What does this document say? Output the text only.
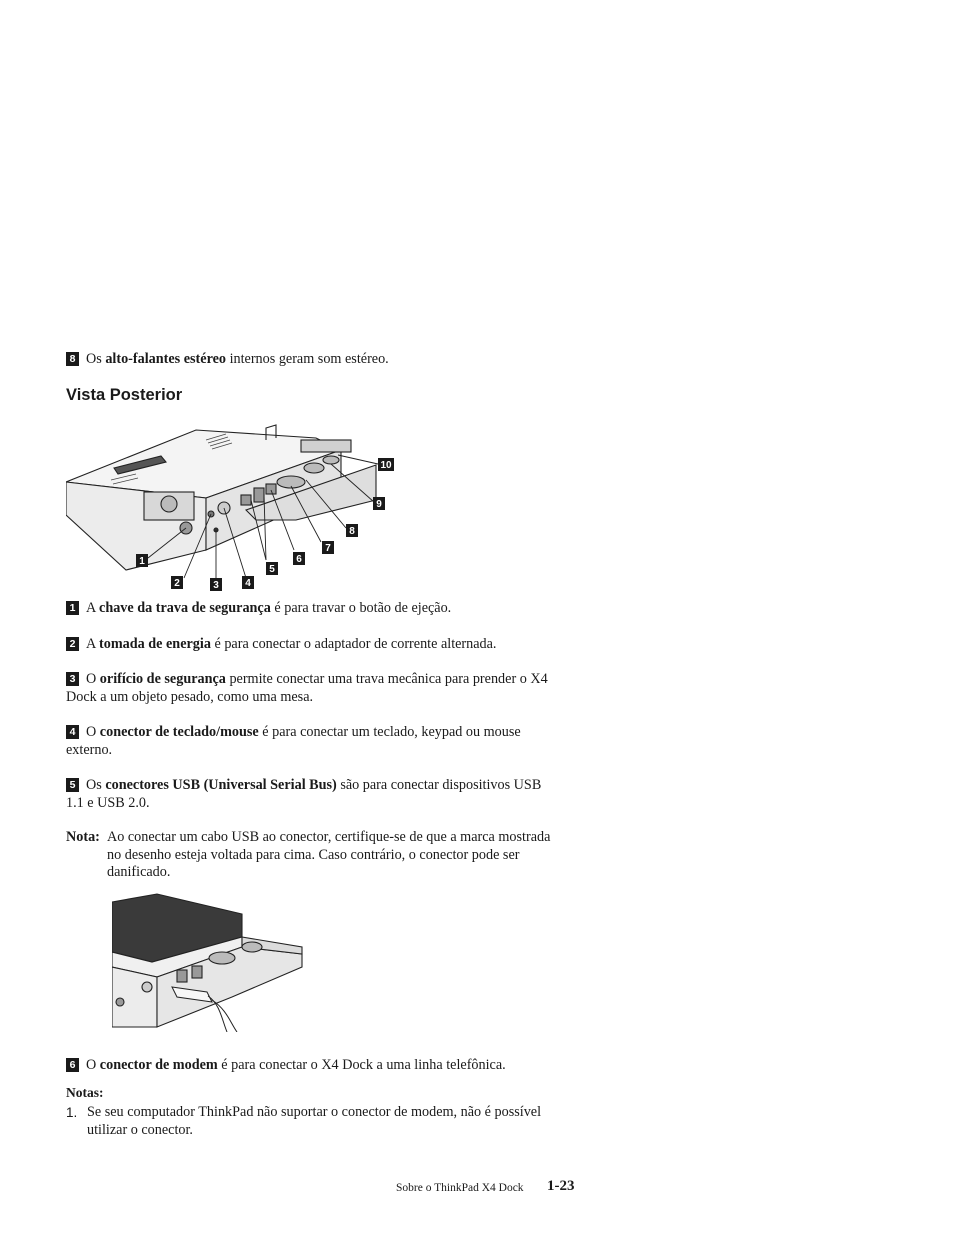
8 Os alto-falantes estéreo internos geram som estéreo.

Vista Posterior
1
2	3	4
5
6
7
8
9
10

1 A chave da trava de segurança é para travar o botão de ejeção.

2 A tomada de energia é para conectar o adaptador de corrente alternada.

3 O orifício de segurança permite conectar uma trava mecânica para prender o X4 Dock a um objeto pesado, como uma mesa.

4 O conector de teclado/mouse é para conectar um teclado, keypad ou mouse externo.

5 Os conectores USB (Universal Serial Bus) são para conectar dispositivos USB 1.1 e USB 2.0.

Nota: Ao conectar um cabo USB ao conector, certifique-se de que a marca mostrada no desenho esteja voltada para cima. Caso contrário, o conector pode ser danificado.

6 O conector de modem é para conectar o X4 Dock a uma linha telefônica.

Notas:
1. Se seu computador ThinkPad não suportar o conector de modem, não é possível utilizar o conector.
Sobre o ThinkPad X4 Dock 1-23
